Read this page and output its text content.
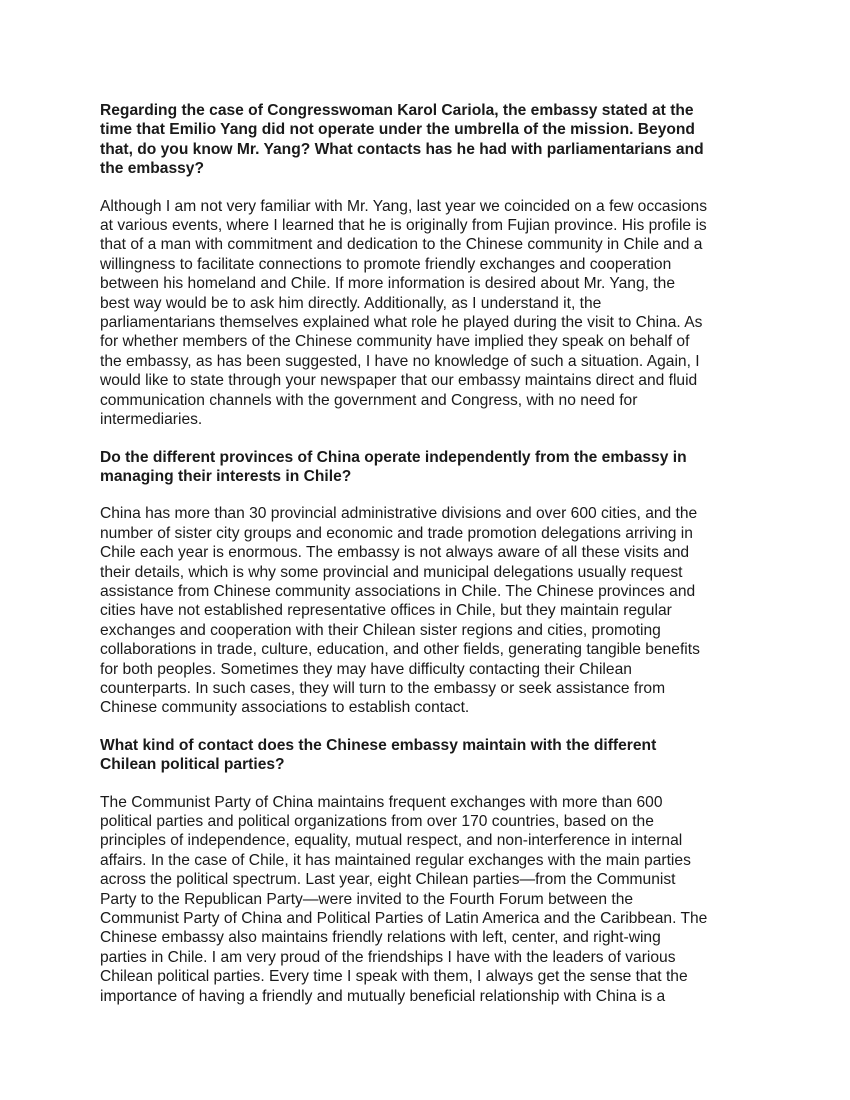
Regarding the case of Congresswoman Karol Cariola, the embassy stated at the
time that Emilio Yang did not operate under the umbrella of the mission. Beyond
that, do you know Mr. Yang? What contacts has he had with parliamentarians and
the embassy?
Although I am not very familiar with Mr. Yang, last year we coincided on a few occasions
at various events, where I learned that he is originally from Fujian province. His profile is
that of a man with commitment and dedication to the Chinese community in Chile and a
willingness to facilitate connections to promote friendly exchanges and cooperation
between his homeland and Chile. If more information is desired about Mr. Yang, the
best way would be to ask him directly. Additionally, as I understand it, the
parliamentarians themselves explained what role he played during the visit to China. As
for whether members of the Chinese community have implied they speak on behalf of
the embassy, as has been suggested, I have no knowledge of such a situation. Again, I
would like to state through your newspaper that our embassy maintains direct and fluid
communication channels with the government and Congress, with no need for
intermediaries.
Do the different provinces of China operate independently from the embassy in
managing their interests in Chile?
China has more than 30 provincial administrative divisions and over 600 cities, and the
number of sister city groups and economic and trade promotion delegations arriving in
Chile each year is enormous. The embassy is not always aware of all these visits and
their details, which is why some provincial and municipal delegations usually request
assistance from Chinese community associations in Chile. The Chinese provinces and
cities have not established representative offices in Chile, but they maintain regular
exchanges and cooperation with their Chilean sister regions and cities, promoting
collaborations in trade, culture, education, and other fields, generating tangible benefits
for both peoples. Sometimes they may have difficulty contacting their Chilean
counterparts. In such cases, they will turn to the embassy or seek assistance from
Chinese community associations to establish contact.
What kind of contact does the Chinese embassy maintain with the different
Chilean political parties?
The Communist Party of China maintains frequent exchanges with more than 600
political parties and political organizations from over 170 countries, based on the
principles of independence, equality, mutual respect, and non-interference in internal
affairs. In the case of Chile, it has maintained regular exchanges with the main parties
across the political spectrum. Last year, eight Chilean parties—from the Communist
Party to the Republican Party—were invited to the Fourth Forum between the
Communist Party of China and Political Parties of Latin America and the Caribbean. The
Chinese embassy also maintains friendly relations with left, center, and right-wing
parties in Chile. I am very proud of the friendships I have with the leaders of various
Chilean political parties. Every time I speak with them, I always get the sense that the
importance of having a friendly and mutually beneficial relationship with China is a
